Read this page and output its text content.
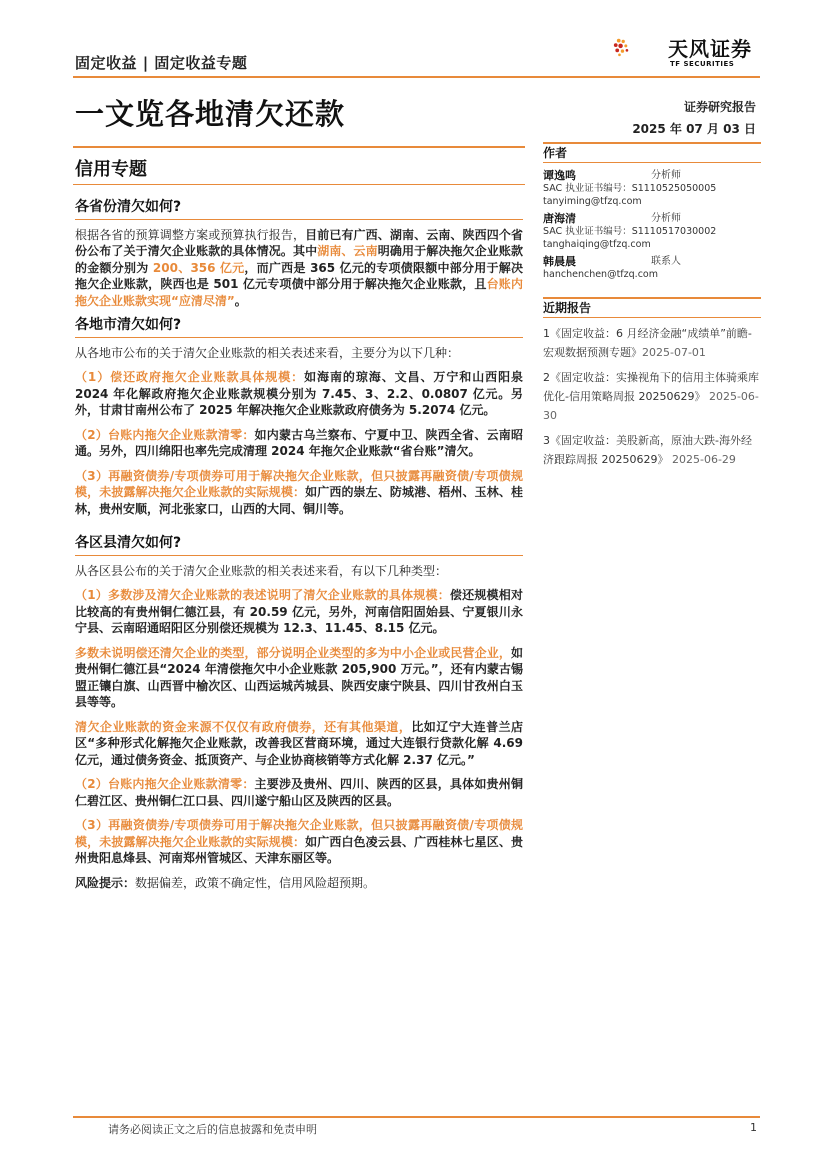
固定收益 | 固定收益专题
天风证券
TF SECURITIES
一文览各地清欠还款	证券研究报告
2025 年 07 月 03 日
信用专题
各省份清欠如何?
根据各省的预算调整方案或预算执行报告，目前已有广西、湖南、云南、陕西四个省份公布了关于清欠企业账款的具体情况。其中湖南、云南明确用于解决拖欠企业账款的金额分别为 200、356 亿元，而广西是 365 亿元的专项债限额中部分用于解决拖欠企业账款，陕西也是 501 亿元专项债中部分用于解决拖欠企业账款，且台账内拖欠企业账款实现“应清尽清”。
各地市清欠如何?
从各地市公布的关于清欠企业账款的相关表述来看，主要分为以下几种：
（1）偿还政府拖欠企业账款具体规模：如海南的琼海、文昌、万宁和山西阳泉 2024 年化解政府拖欠企业账款规模分别为 7.45、3、2.2、0.0807 亿元。另外，甘肃甘南州公布了 2025 年解决拖欠企业账款政府债务为 5.2074 亿元。
（2）台账内拖欠企业账款清零：如内蒙古乌兰察布、宁夏中卫、陕西全省、云南昭通。另外，四川绵阳也率先完成清理 2024 年拖欠企业账款“省台账”清欠。
（3）再融资债券/专项债券可用于解决拖欠企业账款，但只披露再融资债/专项债规模，未披露解决拖欠企业账款的实际规模：如广西的崇左、防城港、梧州、玉林、桂林，贵州安顺，河北张家口，山西的大同、铜川等。
各区县清欠如何?
从各区县公布的关于清欠企业账款的相关表述来看，有以下几种类型：
（1）多数涉及清欠企业账款的表述说明了清欠企业账款的具体规模：偿还规模相对比较高的有贵州铜仁德江县，有 20.59 亿元，另外，河南信阳固始县、宁夏银川永宁县、云南昭通昭阳区分别偿还规模为 12.3、11.45、8.15 亿元。
多数未说明偿还清欠企业的类型，部分说明企业类型的多为中小企业或民营企业，如贵州铜仁德江县“2024 年清偿拖欠中小企业账款 205,900 万元。”，还有内蒙古锡盟正镶白旗、山西晋中榆次区、山西运城芮城县、陕西安康宁陕县、四川甘孜州白玉县等等。
清欠企业账款的资金来源不仅仅有政府债券，还有其他渠道，比如辽宁大连普兰店区“多种形式化解拖欠企业账款，改善我区营商环境，通过大连银行贷款化解 4.69 亿元，通过债务资金、抵顶资产、与企业协商核销等方式化解 2.37 亿元。”
（2）台账内拖欠企业账款清零：主要涉及贵州、四川、陕西的区县，具体如贵州铜仁碧江区、贵州铜仁江口县、四川遂宁船山区及陕西的区县。
（3）再融资债券/专项债券可用于解决拖欠企业账款，但只披露再融资债/专项债规模，未披露解决拖欠企业账款的实际规模：如广西白色凌云县、广西桂林七星区、贵州贵阳息烽县、河南郑州管城区、天津东丽区等。
风险提示：数据偏差，政策不确定性，信用风险超预期。
作者
谭逸鸣	分析师
SAC 执业证书编号：S1110525050005
tanyiming@tfzq.com
唐海清	分析师
SAC 执业证书编号：S1110517030002
tanghaiqing@tfzq.com
韩晨晨	联系人
hanchenchen@tfzq.com
近期报告
1《固定收益：6 月经济金融“成绩单”前瞻-宏观数据预测专题》2025-07-01
2《固定收益：实操视角下的信用主体骑乘库优化-信用策略周报 20250629》 2025-06-30
3《固定收益：美股新高，原油大跌-海外经济跟踪周报 20250629》 2025-06-29
请务必阅读正文之后的信息披露和免责申明	1
